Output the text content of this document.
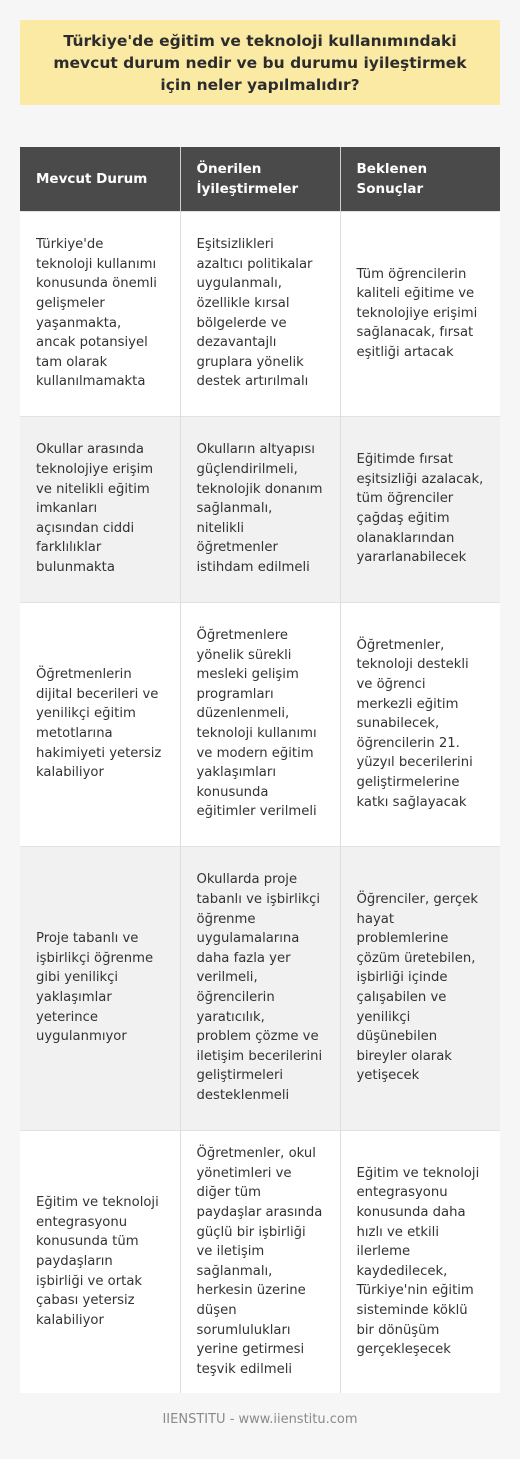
Türkiye'de eğitim ve teknoloji kullanımındaki mevcut durum nedir ve bu durumu iyileştirmek için neler yapılmalıdır?
Mevcut Durum	Önerilen İyileştirmeler	Beklenen Sonuçlar
Türkiye'de teknoloji kullanımı konusunda önemli gelişmeler yaşanmakta, ancak potansiyel tam olarak kullanılmamakta	Eşitsizlikleri azaltıcı politikalar uygulanmalı, özellikle kırsal bölgelerde ve dezavantajlı gruplara yönelik destek artırılmalı	Tüm öğrencilerin kaliteli eğitime ve teknolojiye erişimi sağlanacak, fırsat eşitliği artacak
Okullar arasında teknolojiye erişim ve nitelikli eğitim imkanları açısından ciddi farklılıklar bulunmakta	Okulların altyapısı güçlendirilmeli, teknolojik donanım sağlanmalı, nitelikli öğretmenler istihdam edilmeli	Eğitimde fırsat eşitsizliği azalacak, tüm öğrenciler çağdaş eğitim olanaklarından yararlanabilecek
Öğretmenlerin dijital becerileri ve yenilikçi eğitim metotlarına hakimiyeti yetersiz kalabiliyor	Öğretmenlere yönelik sürekli mesleki gelişim programları düzenlenmeli, teknoloji kullanımı ve modern eğitim yaklaşımları konusunda eğitimler verilmeli	Öğretmenler, teknoloji destekli ve öğrenci merkezli eğitim sunabilecek, öğrencilerin 21. yüzyıl becerilerini geliştirmelerine katkı sağlayacak
Proje tabanlı ve işbirlikçi öğrenme gibi yenilikçi yaklaşımlar yeterince uygulanmıyor	Okullarda proje tabanlı ve işbirlikçi öğrenme uygulamalarına daha fazla yer verilmeli, öğrencilerin yaratıcılık, problem çözme ve iletişim becerilerini geliştirmeleri desteklenmeli	Öğrenciler, gerçek hayat problemlerine çözüm üretebilen, işbirliği içinde çalışabilen ve yenilikçi düşünebilen bireyler olarak yetişecek
Eğitim ve teknoloji entegrasyonu konusunda tüm paydaşların işbirliği ve ortak çabası yetersiz kalabiliyor	Öğretmenler, okul yönetimleri ve diğer tüm paydaşlar arasında güçlü bir işbirliği ve iletişim sağlanmalı, herkesin üzerine düşen sorumlulukları yerine getirmesi teşvik edilmeli	Eğitim ve teknoloji entegrasyonu konusunda daha hızlı ve etkili ilerleme kaydedilecek, Türkiye'nin eğitim sisteminde köklü bir dönüşüm gerçekleşecek

IIENSTITU - www.iienstitu.com
